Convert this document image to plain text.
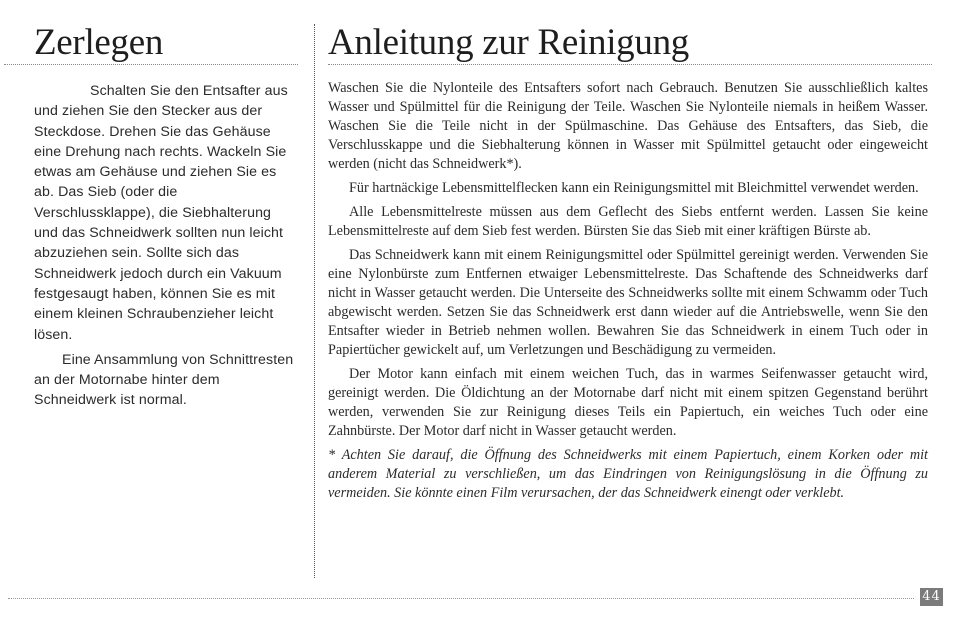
Zerlegen

Schalten Sie den Entsafter aus und ziehen Sie den Stecker aus der Steckdose. Drehen Sie das Gehäuse eine Drehung nach rechts. Wackeln Sie etwas am Gehäuse und ziehen Sie es ab. Das Sieb (oder die Verschlussklappe), die Siebhalterung und das Schneidwerk sollten nun leicht abzuziehen sein. Sollte sich das Schneidwerk jedoch durch ein Vakuum festgesaugt haben, können Sie es mit einem kleinen Schraubenzieher leicht lösen.

Eine Ansammlung von Schnittresten an der Motornabe hinter dem Schneidwerk ist normal.

Anleitung zur Reinigung

Waschen Sie die Nylonteile des Entsafters sofort nach Gebrauch. Benutzen Sie ausschließlich kaltes Wasser und Spülmittel für die Reinigung der Teile. Waschen Sie Nylonteile niemals in heißem Wasser. Waschen Sie die Teile nicht in der Spülmaschine. Das Gehäuse des Entsafters, das Sieb, die Verschlusskappe und die Siebhalterung können in Wasser mit Spülmittel getaucht oder eingeweicht werden (nicht das Schneidwerk*).

Für hartnäckige Lebensmittelflecken kann ein Reinigungsmittel mit Bleichmittel verwendet werden.

Alle Lebensmittelreste müssen aus dem Geflecht des Siebs entfernt werden. Lassen Sie keine Lebensmittelreste auf dem Sieb fest werden. Bürsten Sie das Sieb mit einer kräftigen Bürste ab.

Das Schneidwerk kann mit einem Reinigungsmittel oder Spülmittel gereinigt werden. Verwenden Sie eine Nylonbürste zum Entfernen etwaiger Lebensmittelreste. Das Schaftende des Schneidwerks darf nicht in Wasser getaucht werden. Die Unterseite des Schneidwerks sollte mit einem Schwamm oder Tuch abgewischt werden. Setzen Sie das Schneidwerk erst dann wieder auf die Antriebswelle, wenn Sie den Entsafter wieder in Betrieb nehmen wollen. Bewahren Sie das Schneidwerk in einem Tuch oder in Papiertücher gewickelt auf, um Verletzungen und Beschädigung zu vermeiden.

Der Motor kann einfach mit einem weichen Tuch, das in warmes Seifenwasser getaucht wird, gereinigt werden. Die Öldichtung an der Motornabe darf nicht mit einem spitzen Gegenstand berührt werden, verwenden Sie zur Reinigung dieses Teils ein Papiertuch, ein weiches Tuch oder eine Zahnbürste. Der Motor darf nicht in Wasser getaucht werden.

* Achten Sie darauf, die Öffnung des Schneidwerks mit einem Papiertuch, einem Korken oder mit anderem Material zu verschließen, um das Eindringen von Reinigungslösung in die Öffnung zu vermeiden. Sie könnte einen Film verursachen, der das Schneidwerk einengt oder verklebt.

44
